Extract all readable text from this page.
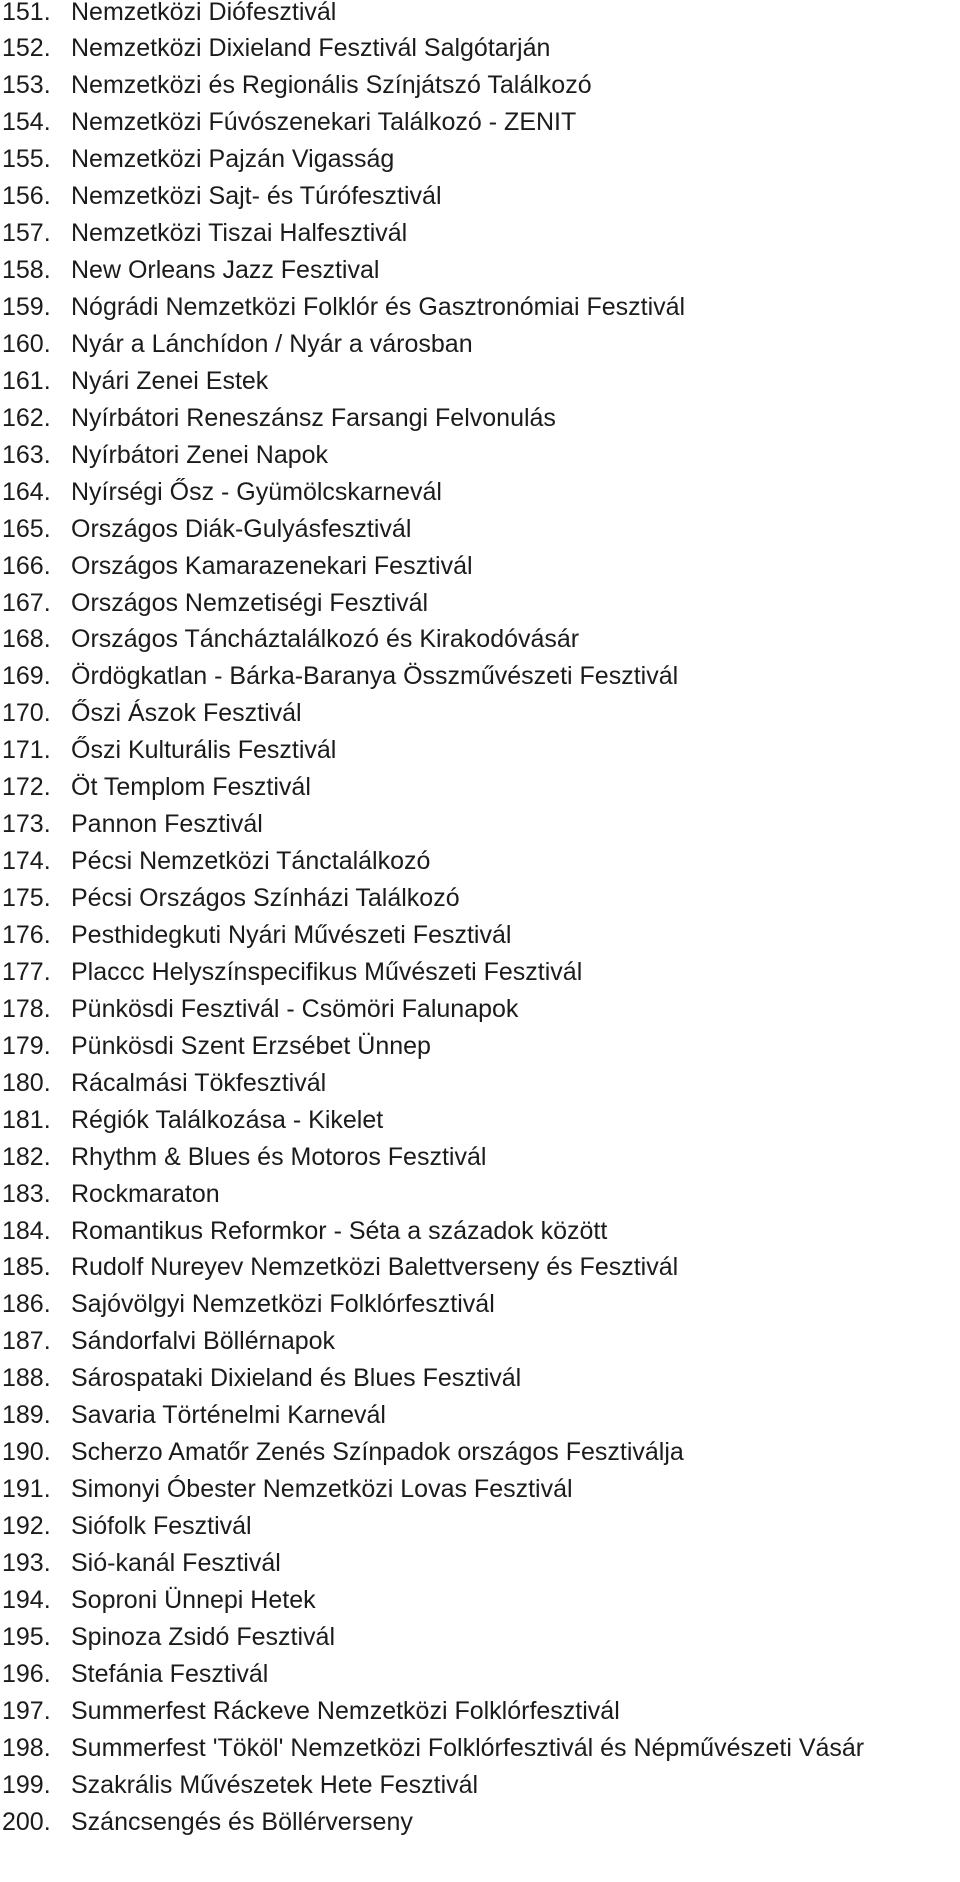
151. Nemzetközi Diófesztivál
152. Nemzetközi Dixieland Fesztivál Salgótarján
153. Nemzetközi és Regionális Színjátszó Találkozó
154. Nemzetközi Fúvószenekari Találkozó - ZENIT
155. Nemzetközi Pajzán Vigasság
156. Nemzetközi Sajt- és Túrófesztivál
157. Nemzetközi Tiszai Halfesztivál
158. New Orleans Jazz Fesztival
159. Nógrádi Nemzetközi Folklór és Gasztronómiai Fesztivál
160. Nyár a Lánchídon / Nyár a városban
161. Nyári Zenei Estek
162. Nyírbátori Reneszánsz Farsangi Felvonulás
163. Nyírbátori Zenei Napok
164. Nyírségi Ősz - Gyümölcskarnevál
165. Országos Diák-Gulyásfesztivál
166. Országos Kamarazenekari Fesztivál
167. Országos Nemzetiségi Fesztivál
168. Országos Táncháztalálkozó és Kirakodóvásár
169. Ördögkatlan - Bárka-Baranya Összművészeti Fesztivál
170. Őszi Ászok Fesztivál
171. Őszi Kulturális Fesztivál
172. Öt Templom Fesztivál
173. Pannon Fesztivál
174. Pécsi Nemzetközi Tánctalálkozó
175. Pécsi Országos Színházi Találkozó
176. Pesthidegkuti Nyári Művészeti Fesztivál
177. Placcc Helyszínspecifikus Művészeti Fesztivál
178. Pünkösdi Fesztivál - Csömöri Falunapok
179. Pünkösdi Szent Erzsébet Ünnep
180. Rácalmási Tökfesztivál
181. Régiók Találkozása - Kikelet
182. Rhythm & Blues és Motoros Fesztivál
183. Rockmaraton
184. Romantikus Reformkor - Séta a századok között
185. Rudolf Nureyev Nemzetközi Balettverseny és Fesztivál
186. Sajóvölgyi Nemzetközi Folklórfesztivál
187. Sándorfalvi Böllérnapok
188. Sárospataki Dixieland és Blues Fesztivál
189. Savaria Történelmi Karnevál
190. Scherzo Amatőr Zenés Színpadok országos Fesztiválja
191. Simonyi Óbester Nemzetközi Lovas Fesztivál
192. Siófolk Fesztivál
193. Sió-kanál Fesztivál
194. Soproni Ünnepi Hetek
195. Spinoza Zsidó Fesztivál
196. Stefánia Fesztivál
197. Summerfest Ráckeve Nemzetközi Folklórfesztivál
198. Summerfest 'Tököl' Nemzetközi Folklórfesztivál és Népművészeti Vásár
199. Szakrális Művészetek Hete Fesztivál
200. Száncsengés és Böllérverseny
